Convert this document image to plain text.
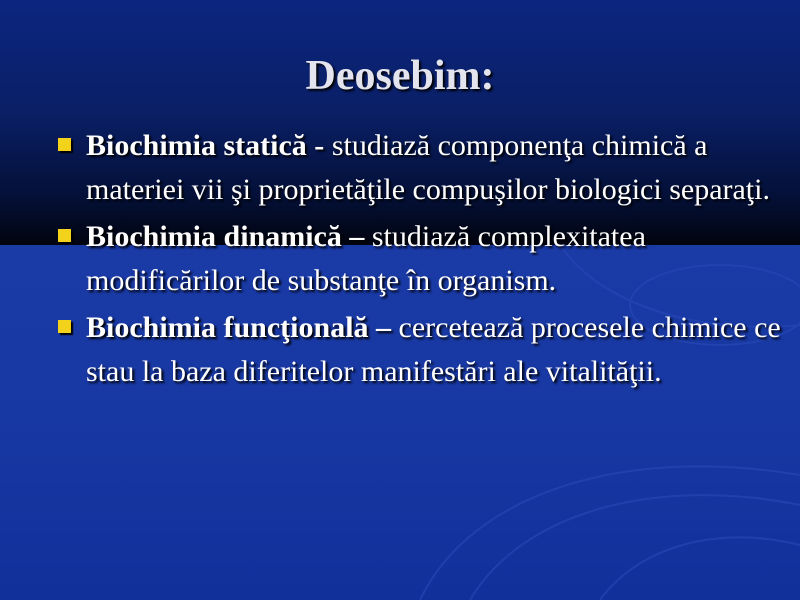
Deosebim:
Biochimia statică - studiază componenţa chimică a materiei vii şi proprietăţile compuşilor biologici separaţi.
Biochimia dinamică – studiază complexitatea modificărilor de substanţe în organism.
Biochimia funcţională – cercetează procesele chimice ce stau la baza diferitelor manifestări ale vitalităţii.
